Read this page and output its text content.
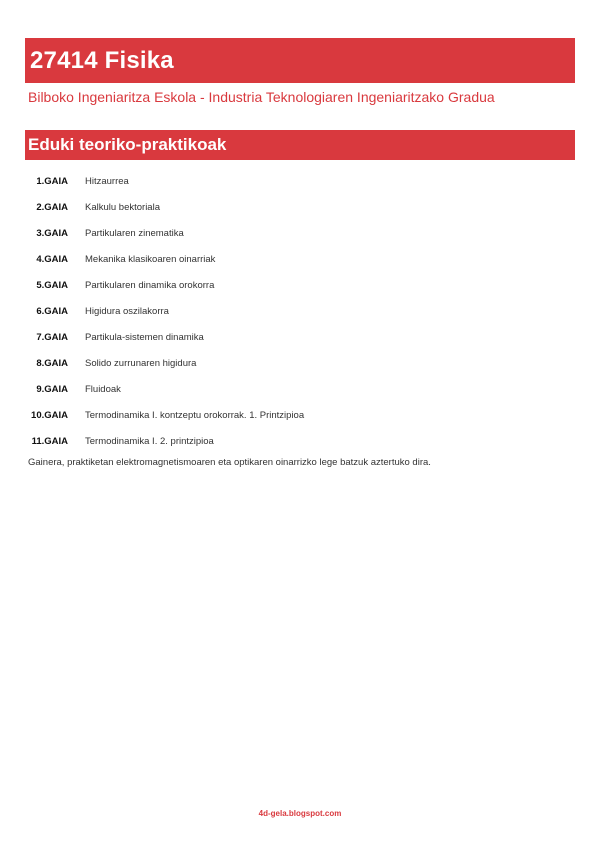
27414 Fisika
Bilboko Ingeniaritza Eskola - Industria Teknologiaren Ingeniaritzako Gradua
Eduki teoriko-praktikoak
1.GAIA Hitzaurrea
2.GAIA Kalkulu bektoriala
3.GAIA Partikularen zinematika
4.GAIA Mekanika klasikoaren oinarriak
5.GAIA Partikularen dinamika orokorra
6.GAIA Higidura oszilakorra
7.GAIA Partikula-sistemen dinamika
8.GAIA Solido zurrunaren higidura
9.GAIA Fluidoak
10.GAIA Termodinamika I. kontzeptu orokorrak. 1. Printzipioa
11.GAIA Termodinamika I. 2. printzipioa
Gainera, praktiketan elektromagnetismoaren eta optikaren oinarrizko lege batzuk aztertuko dira.
4d-gela.blogspot.com
